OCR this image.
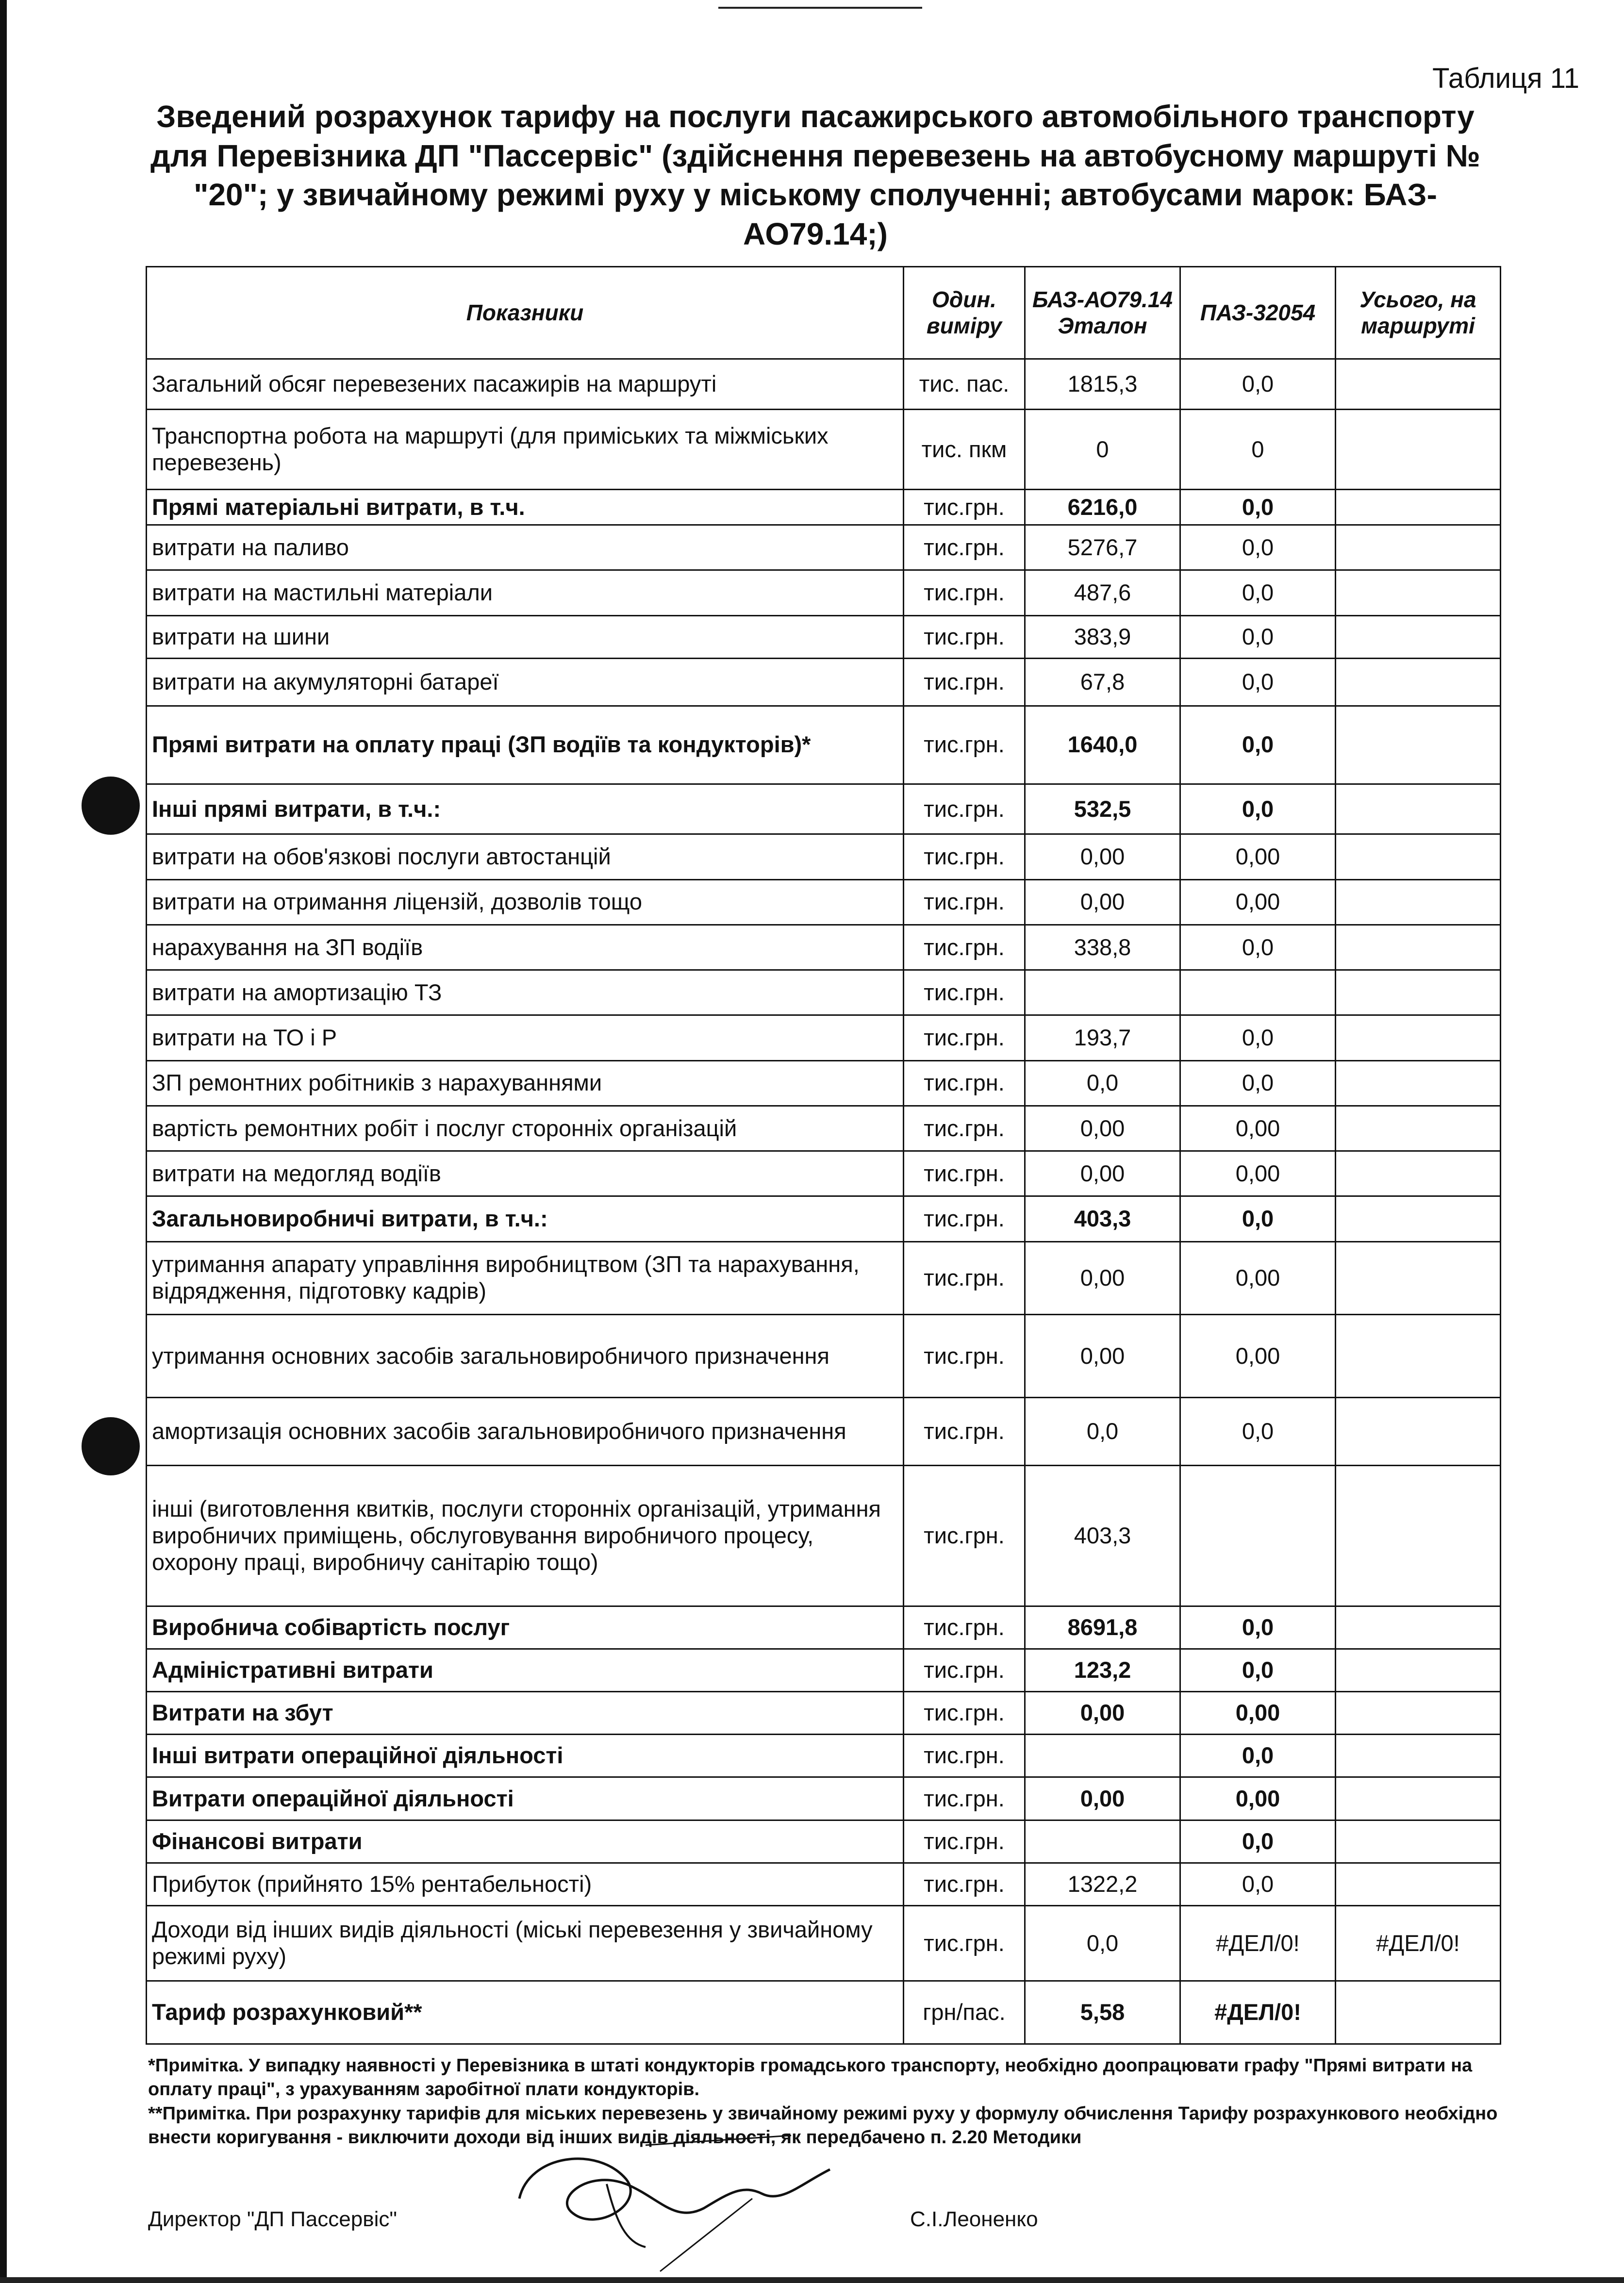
Таблиця 11
Зведений розрахунок тарифу на послуги пасажирського автомобільного транспорту для Перевізника ДП "Пассервіс" (здійснення перевезень на автобусному маршруті № "20"; у звичайному режимі руху у міському сполученні; автобусами марок: БАЗ-АО79.14;)
Показники	Один. виміру	БАЗ-АО79.14 Эталон	ПАЗ-32054	Усього, на маршруті
Загальний обсяг перевезених пасажирів на маршруті	тис. пас.	1815,3	0,0	
Транспортна робота на маршруті (для приміських та міжміських перевезень)	тис. пкм	0	0	
Прямі матеріальні витрати, в т.ч.	тис.грн.	6216,0	0,0	
витрати на паливо	тис.грн.	5276,7	0,0	
витрати на мастильні матеріали	тис.грн.	487,6	0,0	
витрати на шини	тис.грн.	383,9	0,0	
витрати на акумуляторні батареї	тис.грн.	67,8	0,0	
Прямі витрати на оплату праці (ЗП водіїв та кондукторів)*	тис.грн.	1640,0	0,0	
Інші прямі витрати, в т.ч.:	тис.грн.	532,5	0,0	
витрати на обов'язкові послуги автостанцій	тис.грн.	0,00	0,00	
витрати на отримання ліцензій, дозволів тощо	тис.грн.	0,00	0,00	
нарахування на ЗП водіїв	тис.грн.	338,8	0,0	
витрати на амортизацію ТЗ	тис.грн.			
витрати на ТО і Р	тис.грн.	193,7	0,0	
ЗП ремонтних робітників з нарахуваннями	тис.грн.	0,0	0,0	
вартість ремонтних робіт і послуг сторонніх організацій	тис.грн.	0,00	0,00	
витрати на медогляд водіїв	тис.грн.	0,00	0,00	
Загальновиробничі витрати, в т.ч.:	тис.грн.	403,3	0,0	
утримання апарату управління виробництвом (ЗП та нарахування, відрядження, підготовку кадрів)	тис.грн.	0,00	0,00	
утримання основних засобів загальновиробничого призначення	тис.грн.	0,00	0,00	
амортизація основних засобів загальновиробничого призначення	тис.грн.	0,0	0,0	
інші (виготовлення квитків, послуги сторонніх організацій, утримання виробничих приміщень, обслуговування виробничого процесу, охорону праці, виробничу санітарію тощо)	тис.грн.	403,3		
Виробнича собівартість послуг	тис.грн.	8691,8	0,0	
Адміністративні витрати	тис.грн.	123,2	0,0	
Витрати на збут	тис.грн.	0,00	0,00	
Інші витрати операційної діяльності	тис.грн.		0,0	
Витрати операційної діяльності	тис.грн.	0,00	0,00	
Фінансові витрати	тис.грн.		0,0	
Прибуток (прийнято 15% рентабельності)	тис.грн.	1322,2	0,0	
Доходи від інших видів діяльності (міські перевезення у звичайному режимі руху)	тис.грн.	0,0	#ДЕЛ/0!	#ДЕЛ/0!
Тариф розрахунковий**	грн/пас.	5,58	#ДЕЛ/0!	

*Примітка. У випадку наявності у Перевізника в штаті кондукторів громадського транспорту, необхідно доопрацювати графу "Прямі витрати на оплату праці", з урахуванням заробітної плати кондукторів.

**Примітка. При розрахунку тарифів для міських перевезень у звичайному режимі руху у формулу обчислення Тарифу розрахункового необхідно внести коригування - виключити доходи від інших видів діяльності, як передбачено п. 2.20 Методики

Директор "ДП Пассервіс"	С.І.Леоненко
